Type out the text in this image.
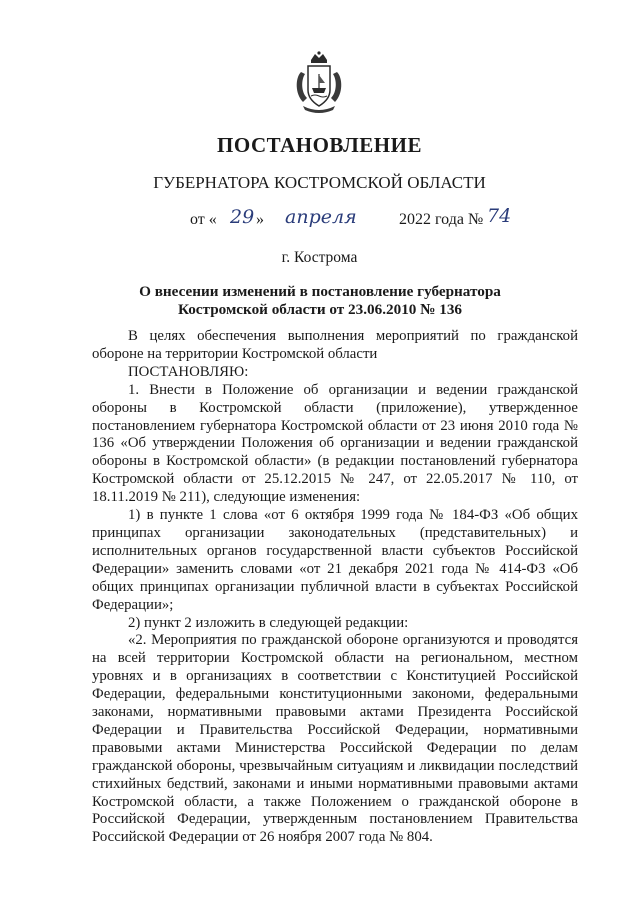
ПОСТАНОВЛЕНИЕ
ГУБЕРНАТОРА КОСТРОМСКОЙ ОБЛАСТИ
от « 29 » апреля	2022 года № 74
г. Кострома
О внесении изменений в постановление губернатора
Костромской области от 23.06.2010 № 136

В целях обеспечения выполнения мероприятий по гражданской обороне на территории Костромской области

ПОСТАНОВЛЯЮ:

1. Внести в Положение об организации и ведении гражданской обороны в Костромской области (приложение), утвержденное постановлением губернатора Костромской области от 23 июня 2010 года № 136 «Об утверждении Положения об организации и ведении гражданской обороны в Костромской области» (в редакции постановлений губернатора Костромской области от 25.12.2015 № 247, от 22.05.2017 № 110, от 18.11.2019 № 211), следующие изменения:

1) в пункте 1 слова «от 6 октября 1999 года № 184-ФЗ «Об общих принципах организации законодательных (представительных) и исполнительных органов государственной власти субъектов Российской Федерации» заменить словами «от 21 декабря 2021 года № 414-ФЗ «Об общих принципах организации публичной власти в субъектах Российской Федерации»;

2) пункт 2 изложить в следующей редакции:

«2. Мероприятия по гражданской обороне организуются и проводятся на всей территории Костромской области на региональном, местном уровнях и в организациях в соответствии с Конституцией Российской Федерации, федеральными конституционными закономи, федеральными законами, нормативными правовыми актами Президента Российской Федерации и Правительства Российской Федерации, нормативными правовыми актами Министерства Российской Федерации по делам гражданской обороны, чрезвычайным ситуациям и ликвидации последствий стихийных бедствий, законами и иными нормативными правовыми актами Костромской области, а также Положением о гражданской обороне в Российской Федерации, утвержденным постановлением Правительства Российской Федерации от 26 ноября 2007 года № 804.
